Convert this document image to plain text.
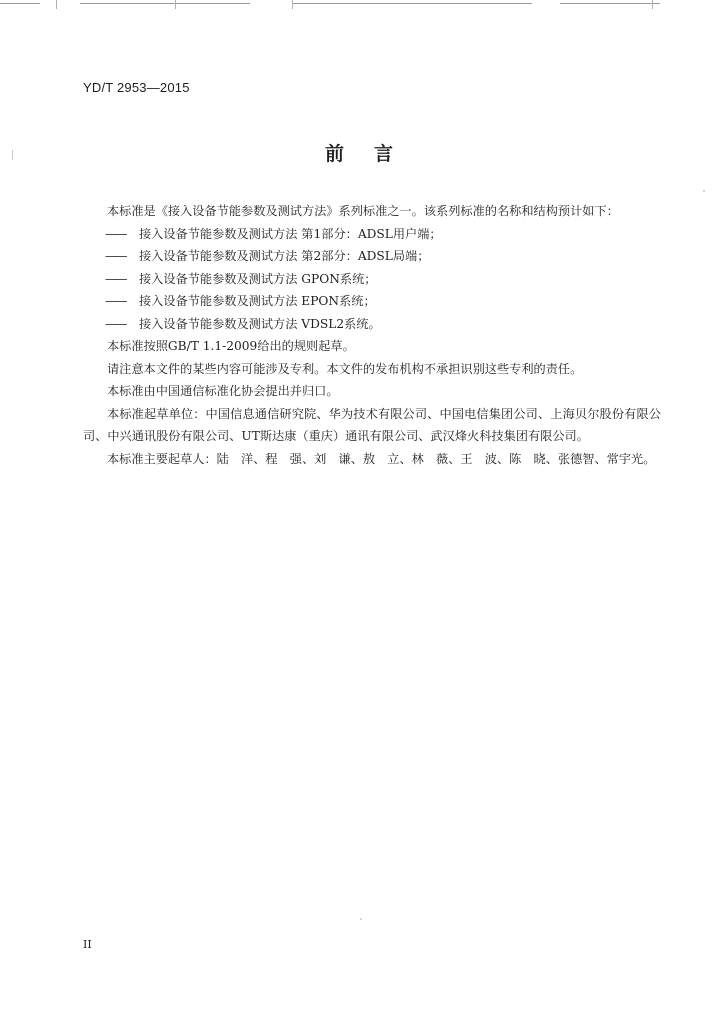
YD/T 2953—2015
前言

本标准是《接入设备节能参数及测试方法》系列标准之一。该系列标准的名称和结构预计如下：

—— 接入设备节能参数及测试方法 第1部分：ADSL用户端；

—— 接入设备节能参数及测试方法 第2部分：ADSL局端；

—— 接入设备节能参数及测试方法 GPON系统；

—— 接入设备节能参数及测试方法 EPON系统；

—— 接入设备节能参数及测试方法 VDSL2系统。

本标准按照GB/T 1.1-2009给出的规则起草。

请注意本文件的某些内容可能涉及专利。本文件的发布机构不承担识别这些专利的责任。

本标准由中国通信标准化协会提出并归口。

本标准起草单位：中国信息通信研究院、华为技术有限公司、中国电信集团公司、上海贝尔股份有限公司、中兴通讯股份有限公司、UT斯达康（重庆）通讯有限公司、武汉烽火科技集团有限公司。

本标准主要起草人：陆　洋、程　强、刘　谦、敖　立、林　薇、王　波、陈　晓、张德智、常宇光。

II
